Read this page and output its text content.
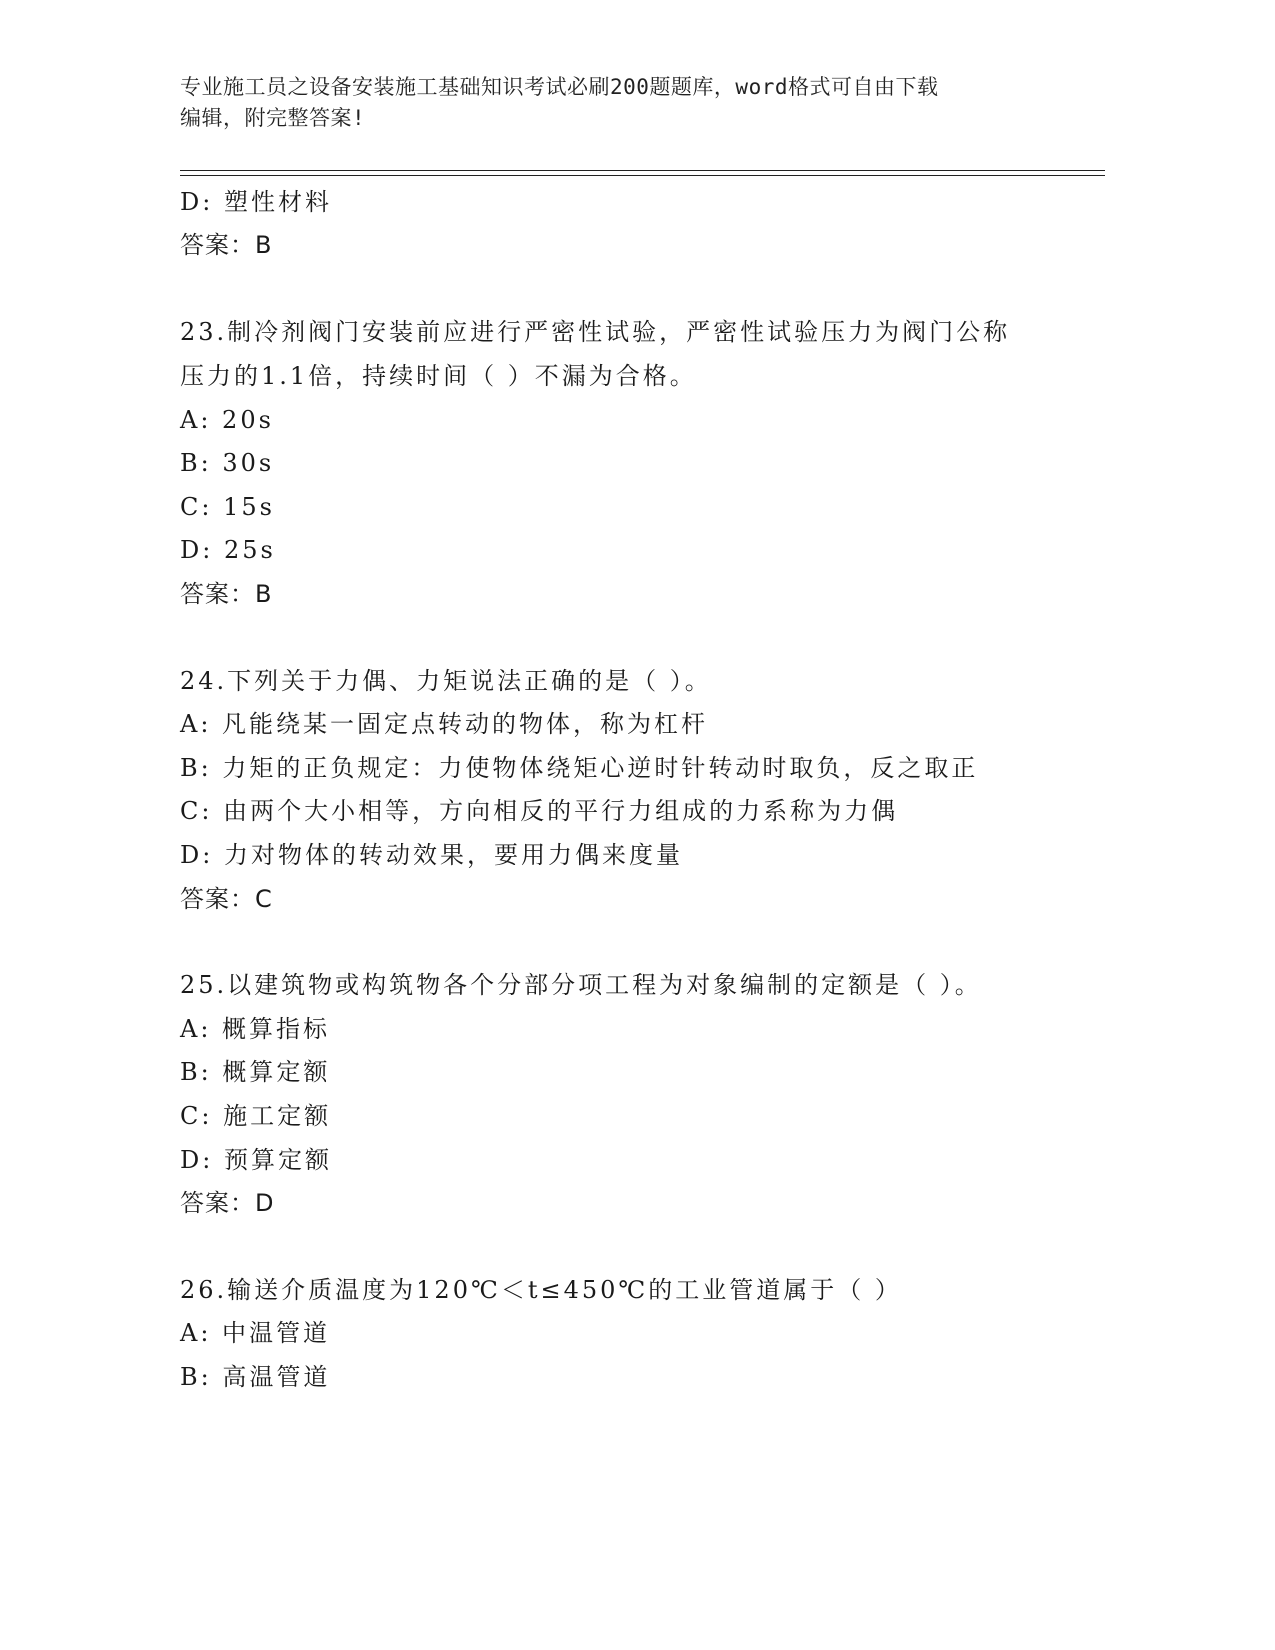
专业施工员之设备安装施工基础知识考试必刷200题题库，word格式可自由下载
编辑，附完整答案!
D: 塑性材料
答案：B
23.制冷剂阀门安装前应进行严密性试验，严密性试验压力为阀门公称
压力的1.1倍，持续时间（ ）不漏为合格。
A: 20s
B: 30s
C: 15s
D: 25s
答案：B
24.下列关于力偶、力矩说法正确的是（ ）。
A: 凡能绕某一固定点转动的物体，称为杠杆
B: 力矩的正负规定：力使物体绕矩心逆时针转动时取负，反之取正
C: 由两个大小相等，方向相反的平行力组成的力系称为力偶
D: 力对物体的转动效果，要用力偶来度量
答案：C
25.以建筑物或构筑物各个分部分项工程为对象编制的定额是（ ）。
A: 概算指标
B: 概算定额
C: 施工定额
D: 预算定额
答案：D
26.输送介质温度为120℃＜t≤450℃的工业管道属于（ ）
A: 中温管道
B: 高温管道
